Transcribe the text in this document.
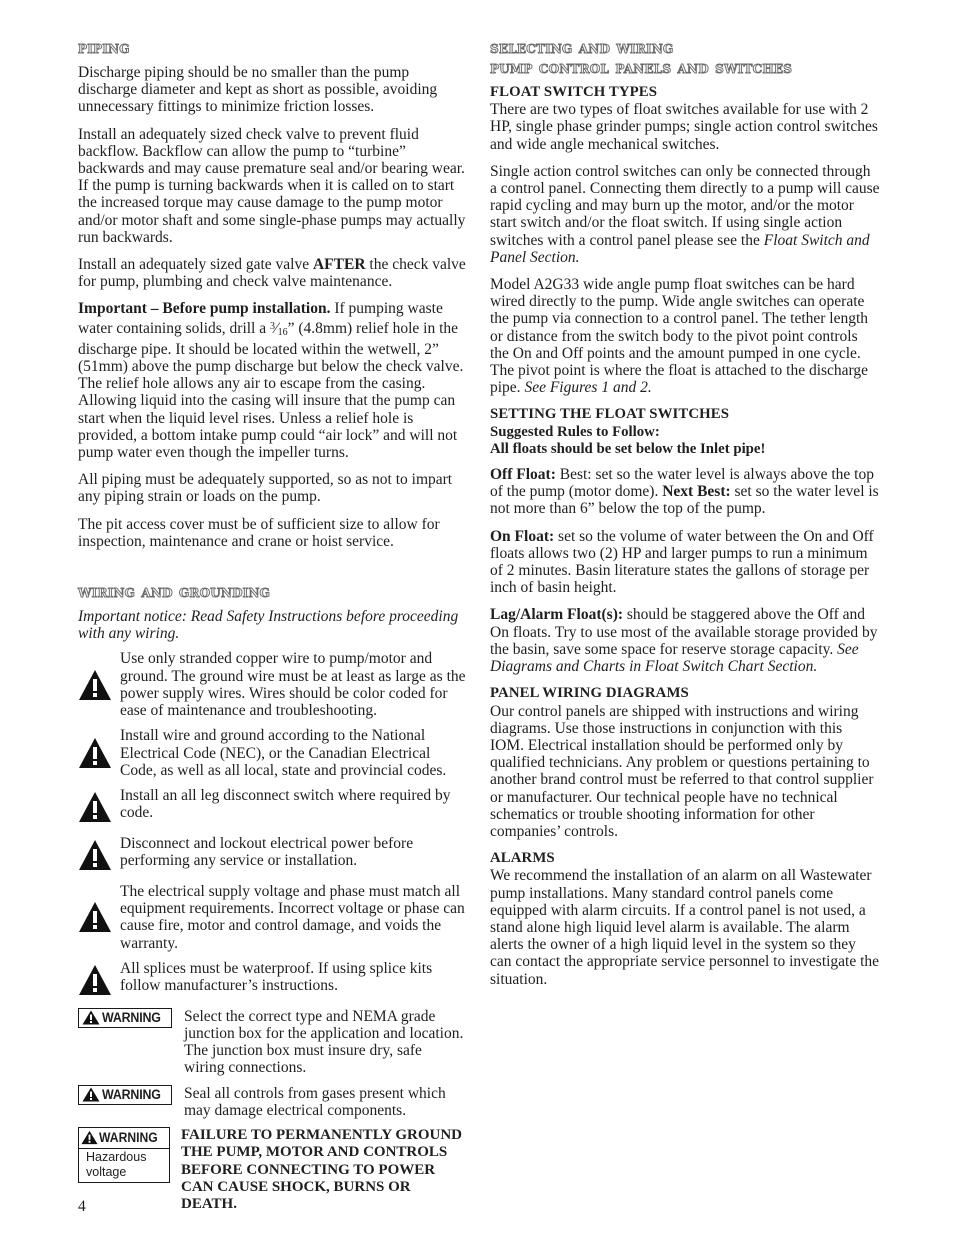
piping

Discharge piping should be no smaller than the pump discharge diameter and kept as short as possible, avoiding unnecessary fittings to minimize friction losses.

Install an adequately sized check valve to prevent fluid backflow. Backflow can allow the pump to “turbine” backwards and may cause premature seal and/or bearing wear. If the pump is turning backwards when it is called on to start the increased torque may cause damage to the pump motor and/or motor shaft and some single-phase pumps may actually run backwards.

Install an adequately sized gate valve AFTER the check valve for pump, plumbing and check valve maintenance.

Important – Before pump installation. If pumping waste water containing solids, drill a $^3$⁄16” (4.8mm) relief hole in the discharge pipe. It should be located within the wetwell, 2” (51mm) above the pump discharge but below the check valve. The relief hole allows any air to escape from the casing. Allowing liquid into the casing will insure that the pump can start when the liquid level rises. Unless a relief hole is provided, a bottom intake pump could “air lock” and will not pump water even though the impeller turns.

All piping must be adequately supported, so as not to impart any piping strain or loads on the pump.

The pit access cover must be of sufficient size to allow for inspection, maintenance and crane or hoist service.

wiring and grounding

Important notice: Read Safety Instructions before proceeding with any wiring.

Use only stranded copper wire to pump/motor and ground. The ground wire must be at least as large as the power supply wires. Wires should be color coded for ease of maintenance and troubleshooting.

Install wire and ground according to the National Electrical Code (NEC), or the Canadian Electrical Code, as well as all local, state and provincial codes.

Install an all leg disconnect switch where required by code.

Disconnect and lockout electrical power before performing any service or installation.

The electrical supply voltage and phase must match all equipment requirements. Incorrect voltage or phase can cause fire, motor and control damage, and voids the warranty.

All splices must be waterproof. If using splice kits follow manufacturer’s instructions.

WARNING Select the correct type and NEMA grade junction box for the application and location. The junction box must insure dry, safe wiring connections.

WARNING Seal all controls from gases present which may damage electrical components.

WARNING
Hazardous voltage

FAILURE TO PERMANENTLY GROUND THE PUMP, MOTOR AND CONTROLS BEFORE CONNECTING TO POWER CAN CAUSE SHOCK, BURNS OR DEATH.

selecting and wiring
pump control panels and switches
FLOAT SWITCH TYPES

There are two types of float switches available for use with 2 HP, single phase grinder pumps; single action control switches and wide angle mechanical switches.

Single action control switches can only be connected through a control panel. Connecting them directly to a pump will cause rapid cycling and may burn up the motor, and/or the motor start switch and/or the float switch. If using single action switches with a control panel please see the Float Switch and Panel Section.

Model A2G33 wide angle pump float switches can be hard wired directly to the pump. Wide angle switches can operate the pump via connection to a control panel. The tether length or distance from the switch body to the pivot point controls the On and Off points and the amount pumped in one cycle. The pivot point is where the float is attached to the discharge pipe. See Figures 1 and 2.

SETTING THE FLOAT SWITCHES
Suggested Rules to Follow:
All floats should be set below the Inlet pipe!

Off Float: Best: set so the water level is always above the top of the pump (motor dome). Next Best: set so the water level is not more than 6” below the top of the pump.

On Float: set so the volume of water between the On and Off floats allows two (2) HP and larger pumps to run a minimum of 2 minutes. Basin literature states the gallons of storage per inch of basin height.

Lag/Alarm Float(s): should be staggered above the Off and On floats. Try to use most of the available storage provided by the basin, save some space for reserve storage capacity. See Diagrams and Charts in Float Switch Chart Section.

PANEL WIRING DIAGRAMS

Our control panels are shipped with instructions and wiring diagrams. Use those instructions in conjunction with this IOM. Electrical installation should be performed only by qualified technicians. Any problem or questions pertaining to another brand control must be referred to that control supplier or manufacturer. Our technical people have no technical schematics or trouble shooting information for other companies’ controls.

ALARMS

We recommend the installation of an alarm on all Wastewater pump installations. Many standard control panels come equipped with alarm circuits. If a control panel is not used, a stand alone high liquid level alarm is available. The alarm alerts the owner of a high liquid level in the system so they can contact the appropriate service personnel to investigate the situation.

4
